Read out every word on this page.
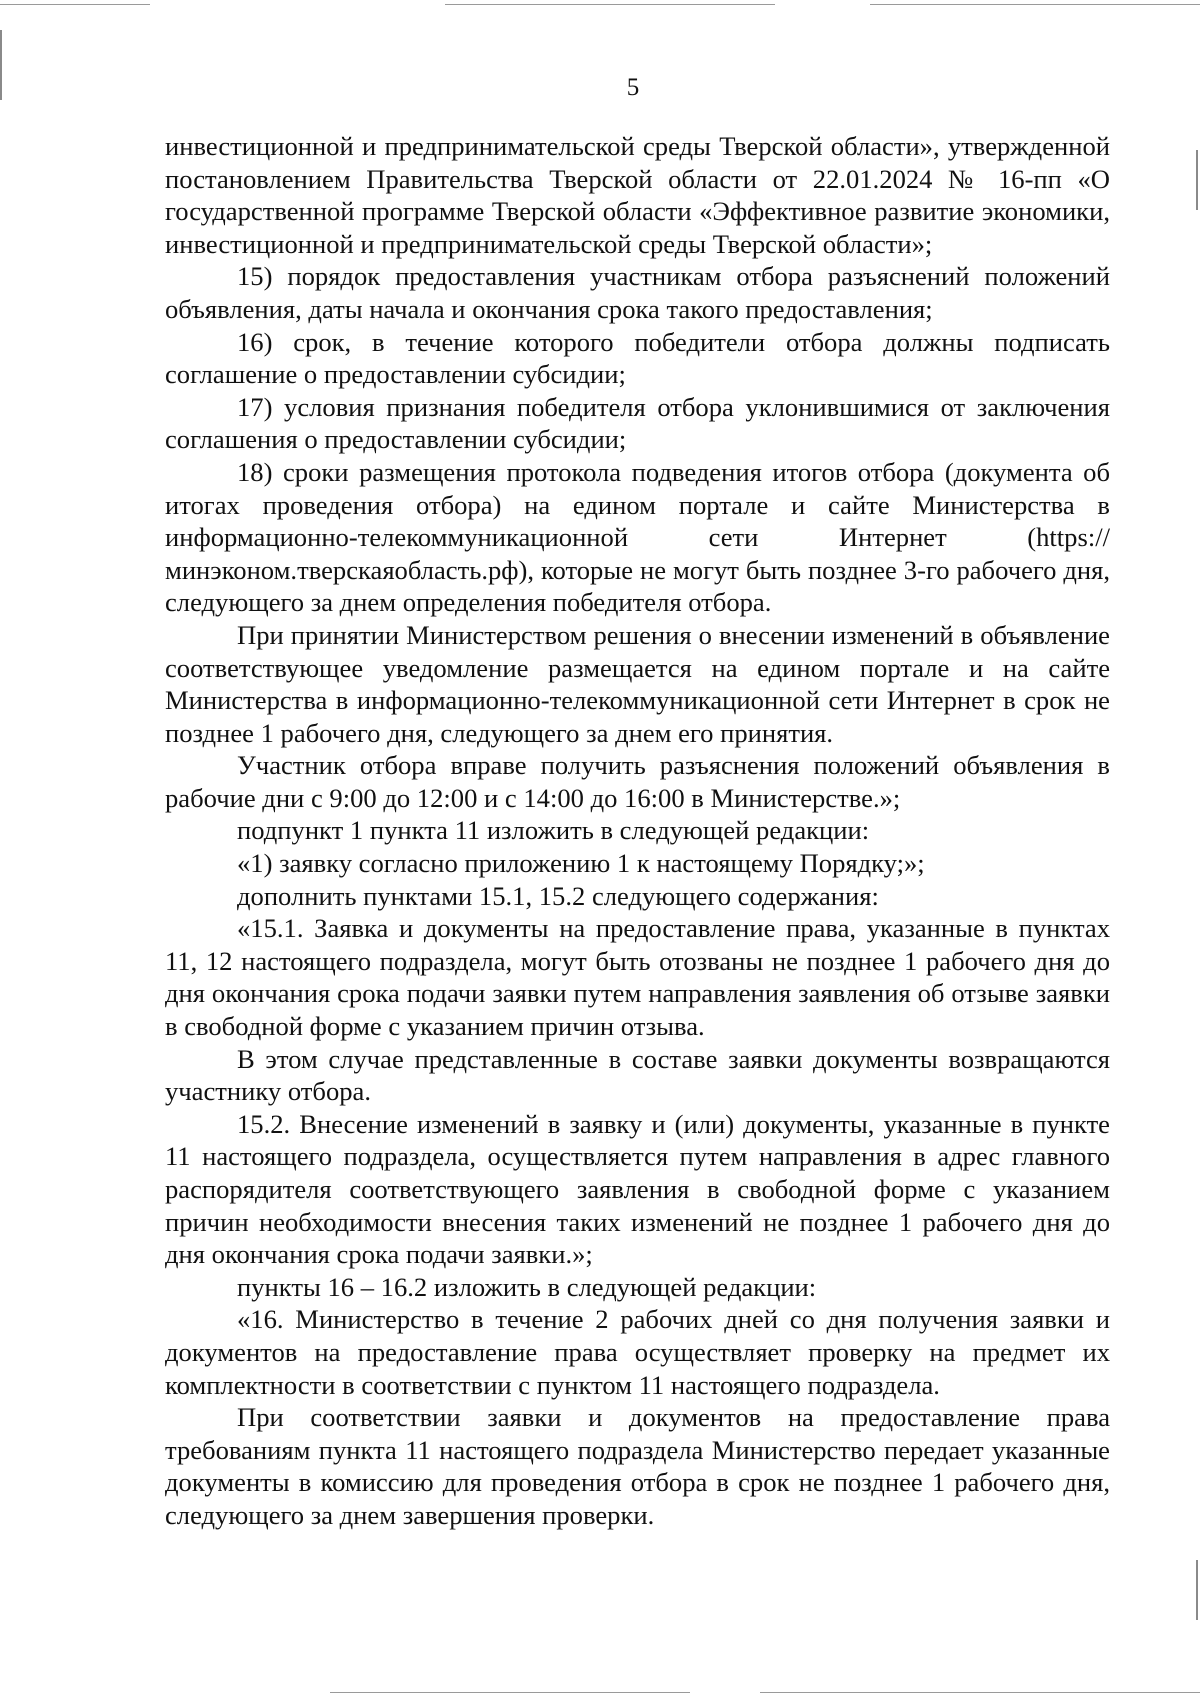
5

инвестиционной и предпринимательской среды Тверской области», утвержденной постановлением Правительства Тверской области от 22.01.2024 № 16-пп «О государственной программе Тверской области «Эффективное развитие экономики, инвестиционной и предпринимательской среды Тверской области»;

15) порядок предоставления участникам отбора разъяснений положений объявления, даты начала и окончания срока такого предоставления;

16) срок, в течение которого победители отбора должны подписать соглашение о предоставлении субсидии;

17) условия признания победителя отбора уклонившимися от заключения соглашения о предоставлении субсидии;

18) сроки размещения протокола подведения итогов отбора (документа об итогах проведения отбора) на едином портале и сайте Министерства в информационно-телекоммуникационной сети Интернет (https://минэконом.тверскаяобласть.рф), которые не могут быть позднее 3-го рабочего дня, следующего за днем определения победителя отбора.

При принятии Министерством решения о внесении изменений в объявление соответствующее уведомление размещается на едином портале и на сайте Министерства в информационно-телекоммуникационной сети Интернет в срок не позднее 1 рабочего дня, следующего за днем его принятия.

Участник отбора вправе получить разъяснения положений объявления в рабочие дни с 9:00 до 12:00 и с 14:00 до 16:00 в Министерстве.»;

подпункт 1 пункта 11 изложить в следующей редакции:

«1) заявку согласно приложению 1 к настоящему Порядку;»;

дополнить пунктами 15.1, 15.2 следующего содержания:

«15.1. Заявка и документы на предоставление права, указанные в пунктах 11, 12 настоящего подраздела, могут быть отозваны не позднее 1 рабочего дня до дня окончания срока подачи заявки путем направления заявления об отзыве заявки в свободной форме с указанием причин отзыва.

В этом случае представленные в составе заявки документы возвращаются участнику отбора.

15.2. Внесение изменений в заявку и (или) документы, указанные в пункте 11 настоящего подраздела, осуществляется путем направления в адрес главного распорядителя соответствующего заявления в свободной форме с указанием причин необходимости внесения таких изменений не позднее 1 рабочего дня до дня окончания срока подачи заявки.»;

пункты 16 – 16.2 изложить в следующей редакции:

«16. Министерство в течение 2 рабочих дней со дня получения заявки и документов на предоставление права осуществляет проверку на предмет их комплектности в соответствии с пунктом 11 настоящего подраздела.

При соответствии заявки и документов на предоставление права требованиям пункта 11 настоящего подраздела Министерство передает указанные документы в комиссию для проведения отбора в срок не позднее 1 рабочего дня, следующего за днем завершения проверки.
